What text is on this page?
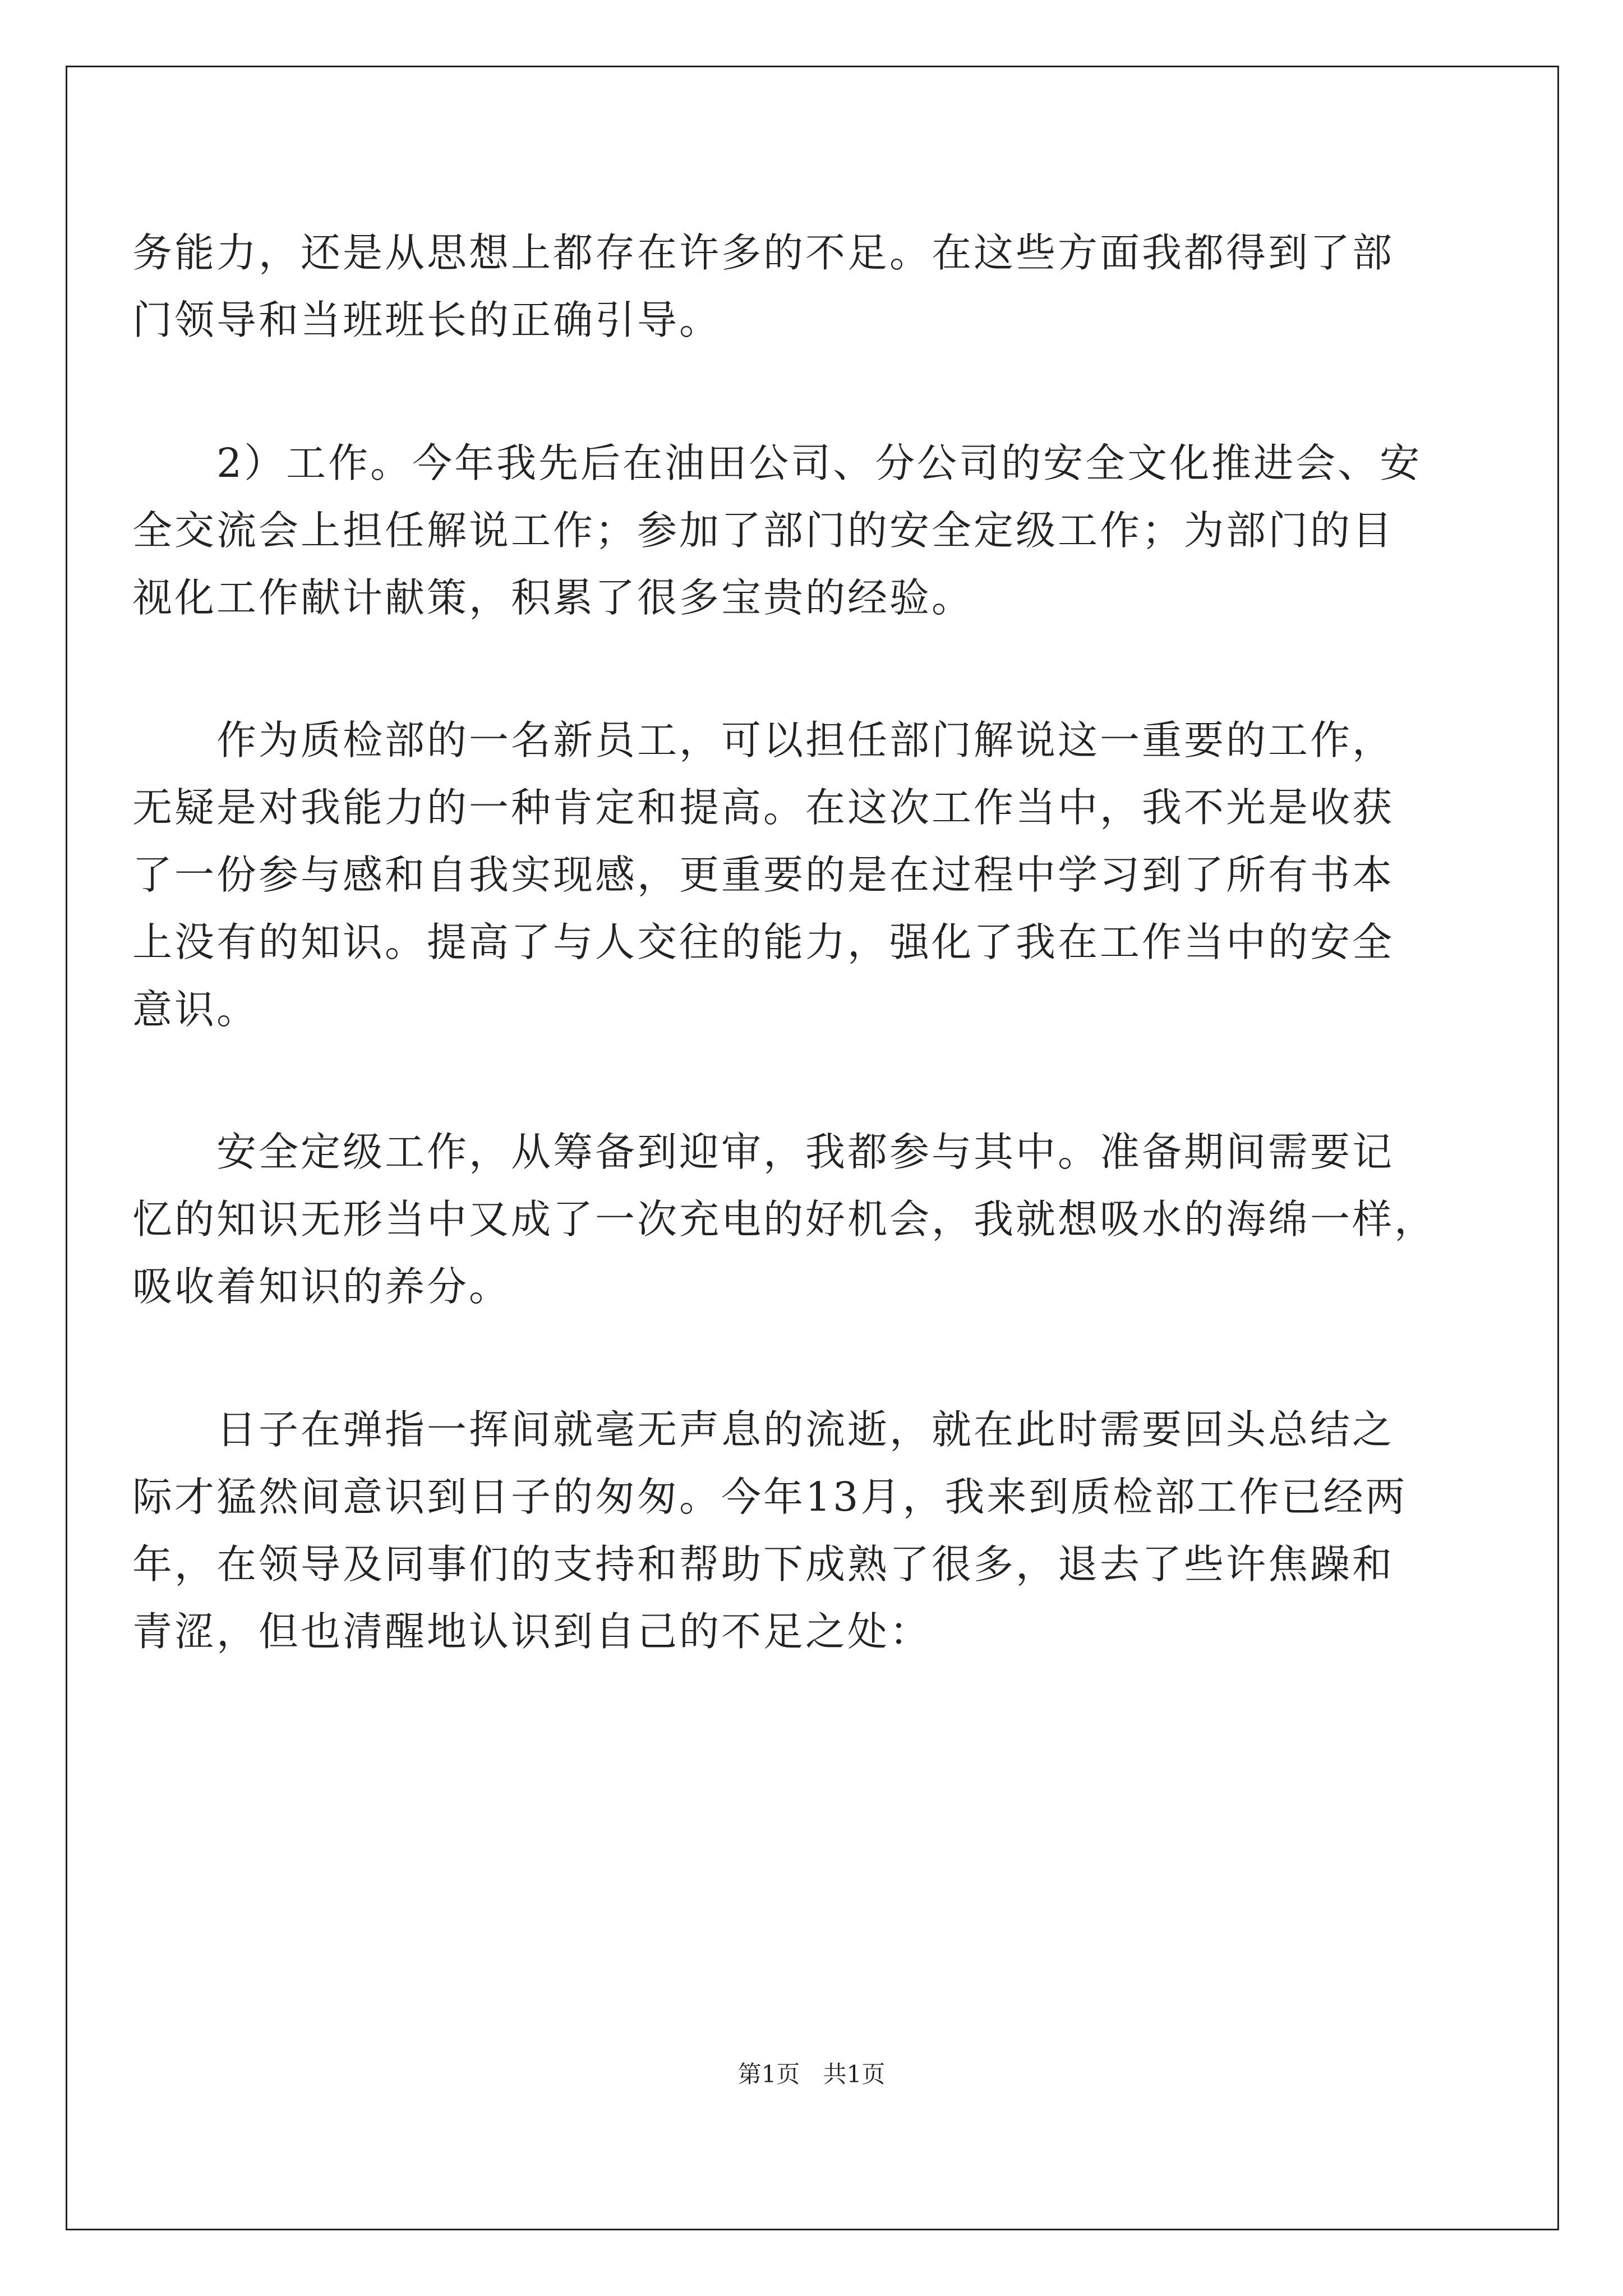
务能力，还是从思想上都存在许多的不足。在这些方面我都得到了部
门领导和当班班长的正确引导。
　　2）工作。今年我先后在油田公司、分公司的安全文化推进会、安
全交流会上担任解说工作；参加了部门的安全定级工作；为部门的目
视化工作献计献策，积累了很多宝贵的经验。
　　作为质检部的一名新员工，可以担任部门解说这一重要的工作，
无疑是对我能力的一种肯定和提高。在这次工作当中，我不光是收获
了一份参与感和自我实现感，更重要的是在过程中学习到了所有书本
上没有的知识。提高了与人交往的能力，强化了我在工作当中的安全
意识。
　　安全定级工作，从筹备到迎审，我都参与其中。准备期间需要记
忆的知识无形当中又成了一次充电的好机会，我就想吸水的海绵一样，
吸收着知识的养分。
　　日子在弹指一挥间就毫无声息的流逝，就在此时需要回头总结之
际才猛然间意识到日子的匆匆。今年13月，我来到质检部工作已经两
年，在领导及同事们的支持和帮助下成熟了很多，退去了些许焦躁和
青涩，但也清醒地认识到自己的不足之处：
第1页 共1页
